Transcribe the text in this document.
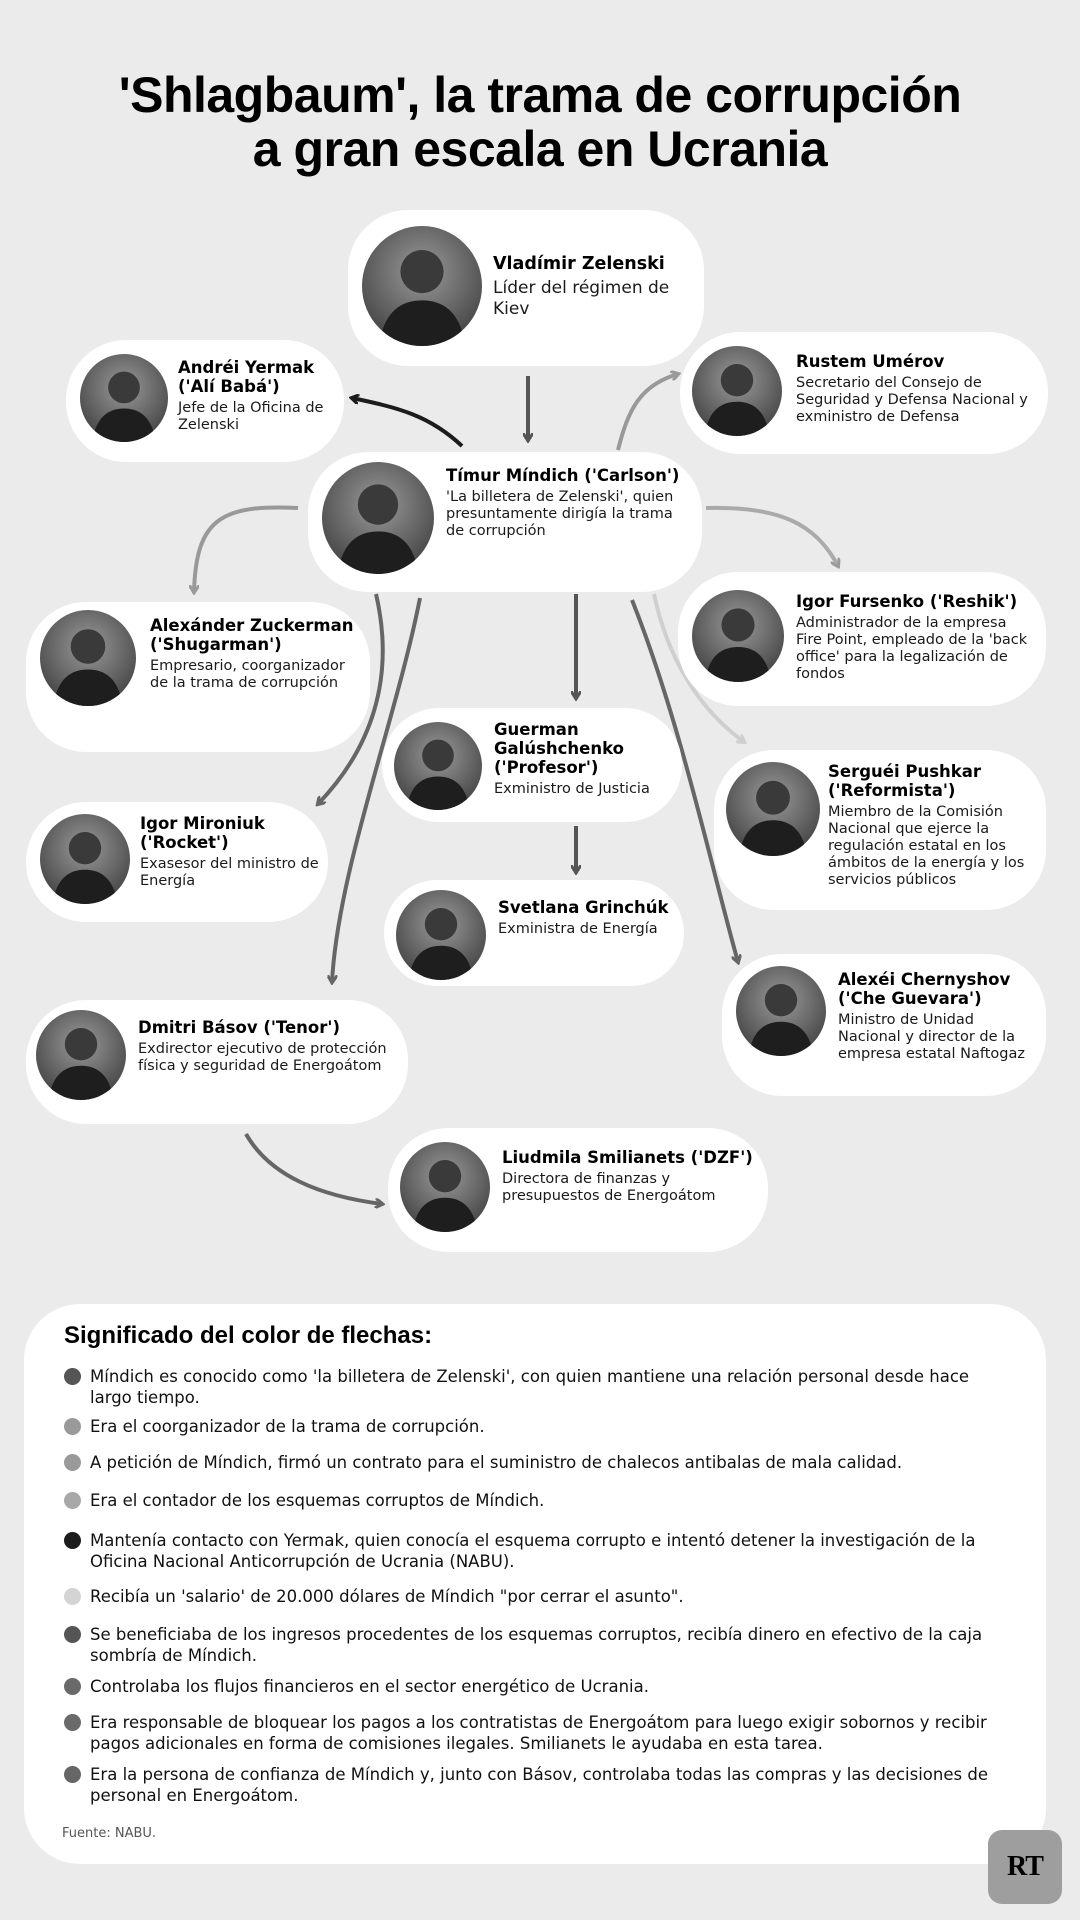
'Shlagbaum', la trama de corrupción
a gran escala en Ucrania
Vladímir Zelenski
Líder del régimen de Kiev
Andréi Yermak ('Alí Babá')
Jefe de la Oficina de Zelenski
Rustem Umérov
Secretario del Consejo de Seguridad y Defensa Nacional y exministro de Defensa
Tímur Míndich ('Carlson')
'La billetera de Zelenski', quien presuntamente dirigía la trama de corrupción
Alexánder Zuckerman ('Shugarman')
Empresario, coorganizador de la trama de corrupción
Igor Fursenko ('Reshik')
Administrador de la empresa Fire Point, empleado de la 'back office' para la legalización de fondos
Guerman Galúshchenko ('Profesor')
Exministro de Justicia
Serguéi Pushkar ('Reformista')
Miembro de la Comisión Nacional que ejerce la regulación estatal en los ámbitos de la energía y los servicios públicos
Igor Mironiuk ('Rocket')
Exasesor del ministro de Energía
Svetlana Grinchúk
Exministra de Energía
Alexéi Chernyshov ('Che Guevara')
Ministro de Unidad Nacional y director de la empresa estatal Naftogaz
Dmitri Básov ('Tenor')
Exdirector ejecutivo de protección física y seguridad de Energoátom
Liudmila Smilianets ('DZF')
Directora de finanzas y presupuestos de Energoátom
Significado del color de flechas:
Míndich es conocido como 'la billetera de Zelenski', con quien mantiene una relación personal desde hace largo tiempo.
Era el coorganizador de la trama de corrupción.
A petición de Míndich, firmó un contrato para el suministro de chalecos antibalas de mala calidad.
Era el contador de los esquemas corruptos de Míndich.
Mantenía contacto con Yermak, quien conocía el esquema corrupto e intentó detener la investigación de la Oficina Nacional Anticorrupción de Ucrania (NABU).
Recibía un 'salario' de 20.000 dólares de Míndich "por cerrar el asunto".
Se beneficiaba de los ingresos procedentes de los esquemas corruptos, recibía dinero en efectivo de la caja sombría de Míndich.
Controlaba los flujos financieros en el sector energético de Ucrania.
Era responsable de bloquear los pagos a los contratistas de Energoátom para luego exigir sobornos y recibir pagos adicionales en forma de comisiones ilegales. Smilianets le ayudaba en esta tarea.
Era la persona de confianza de Míndich y, junto con Básov, controlaba todas las compras y las decisiones de personal en Energoátom.
Fuente: NABU.
RT
